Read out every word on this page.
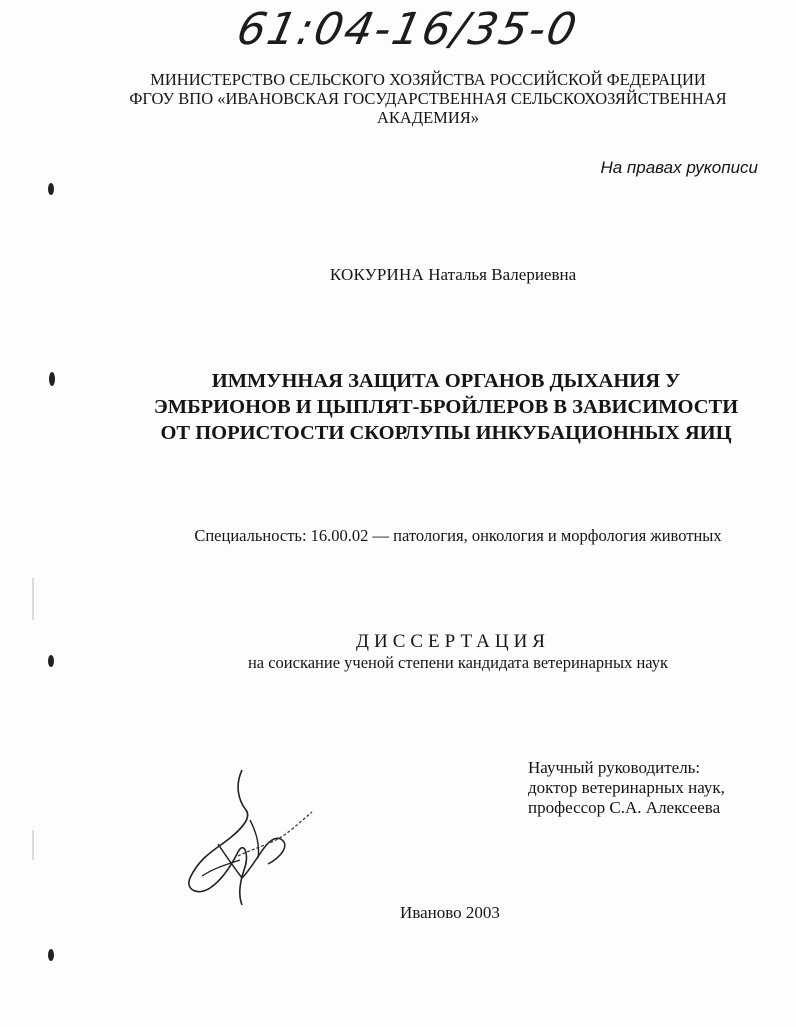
61:04-16/35-0
МИНИСТЕРСТВО СЕЛЬСКОГО ХОЗЯЙСТВА РОССИЙСКОЙ ФЕДЕРАЦИИ
ФГОУ ВПО «ИВАНОВСКАЯ ГОСУДАРСТВЕННАЯ СЕЛЬСКОХОЗЯЙСТВЕННАЯ
АКАДЕМИЯ»
На правах рукописи
КОКУРИНА Наталья Валериевна
ИММУННАЯ ЗАЩИТА ОРГАНОВ ДЫХАНИЯ У
ЭМБРИОНОВ И ЦЫПЛЯТ-БРОЙЛЕРОВ В ЗАВИСИМОСТИ
ОТ ПОРИСТОСТИ СКОРЛУПЫ ИНКУБАЦИОННЫХ ЯИЦ
Специальность: 16.00.02 — патология, онкология и морфология животных
ДИССЕРТАЦИЯ
на соискание ученой степени кандидата ветеринарных наук
Научный руководитель:
доктор ветеринарных наук,
профессор С.А. Алексеева
Иваново 2003
